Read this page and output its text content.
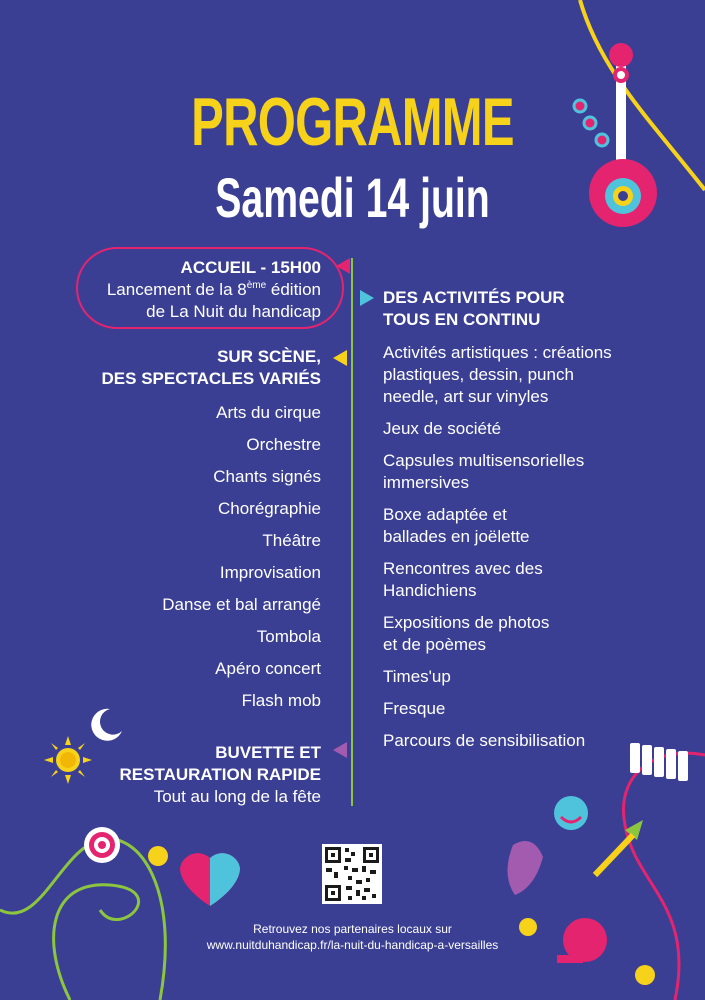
PROGRAMME
Samedi 14 juin
ACCUEIL - 15H00
Lancement de la 8ème édition
de La Nuit du handicap
SUR SCÈNE,
DES SPECTACLES VARIÉS
Arts du cirque
Orchestre
Chants signés
Chorégraphie
Théâtre
Improvisation
Danse et bal arrangé
Tombola
Apéro concert
Flash mob
BUVETTE ET
RESTAURATION RAPIDE
Tout au long de la fête
DES ACTIVITÉS POUR
TOUS EN CONTINU
Activités artistiques : créations
plastiques, dessin, punch
needle, art sur vinyles
Jeux de société
Capsules multisensorielles
immersives
Boxe adaptée et
ballades en joëlette
Rencontres avec des
Handichiens
Expositions de photos
et de poèmes
Times'up
Fresque
Parcours de sensibilisation
Retrouvez nos partenaires locaux sur
www.nuitduhandicap.fr/la-nuit-du-handicap-a-versailles
